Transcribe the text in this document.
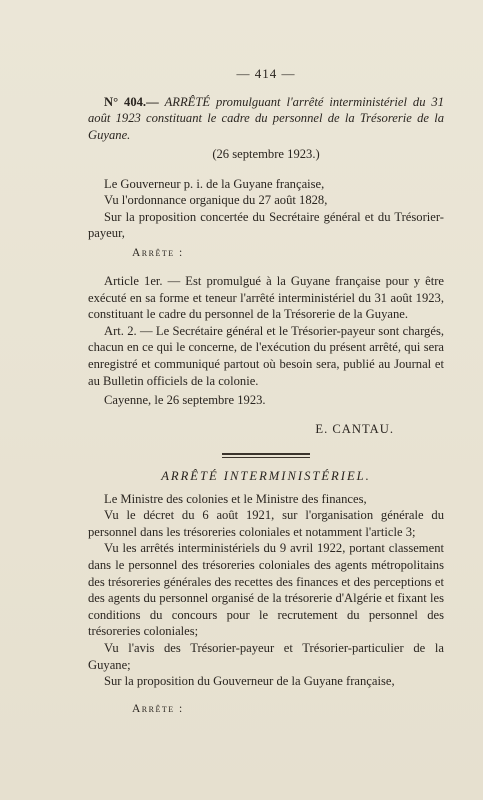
— 414 —

N° 404.— ARRÊTÉ promulguant l'arrêté interministériel du 31 août 1923 constituant le cadre du personnel de la Trésorerie de la Guyane.

(26 septembre 1923.)

Le Gouverneur p. i. de la Guyane française,

Vu l'ordonnance organique du 27 août 1828,

Sur la proposition concertée du Secrétaire général et du Trésorier-payeur,

Arrête :

Article 1er. — Est promulgué à la Guyane française pour y être exécuté en sa forme et teneur l'arrêté interministériel du 31 août 1923, constituant le cadre du personnel de la Trésorerie de la Guyane.

Art. 2. — Le Secrétaire général et le Trésorier-payeur sont chargés, chacun en ce qui le concerne, de l'exécution du présent arrêté, qui sera enregistré et communiqué partout où besoin sera, publié au Journal et au Bulletin officiels de la colonie.

Cayenne, le 26 septembre 1923.

E. CANTAU.

ARRÊTÉ INTERMINISTÉRIEL.

Le Ministre des colonies et le Ministre des finances,

Vu le décret du 6 août 1921, sur l'organisation générale du personnel dans les trésoreries coloniales et notamment l'article 3;

Vu les arrêtés interministériels du 9 avril 1922, portant classement dans le personnel des trésoreries coloniales des agents métropolitains des trésoreries générales des recettes des finances et des perceptions et des agents du personnel organisé de la trésorerie d'Algérie et fixant les conditions du concours pour le recrutement du personnel des trésoreries coloniales;

Vu l'avis des Trésorier-payeur et Trésorier-particulier de la Guyane;

Sur la proposition du Gouverneur de la Guyane française,

Arrête :
